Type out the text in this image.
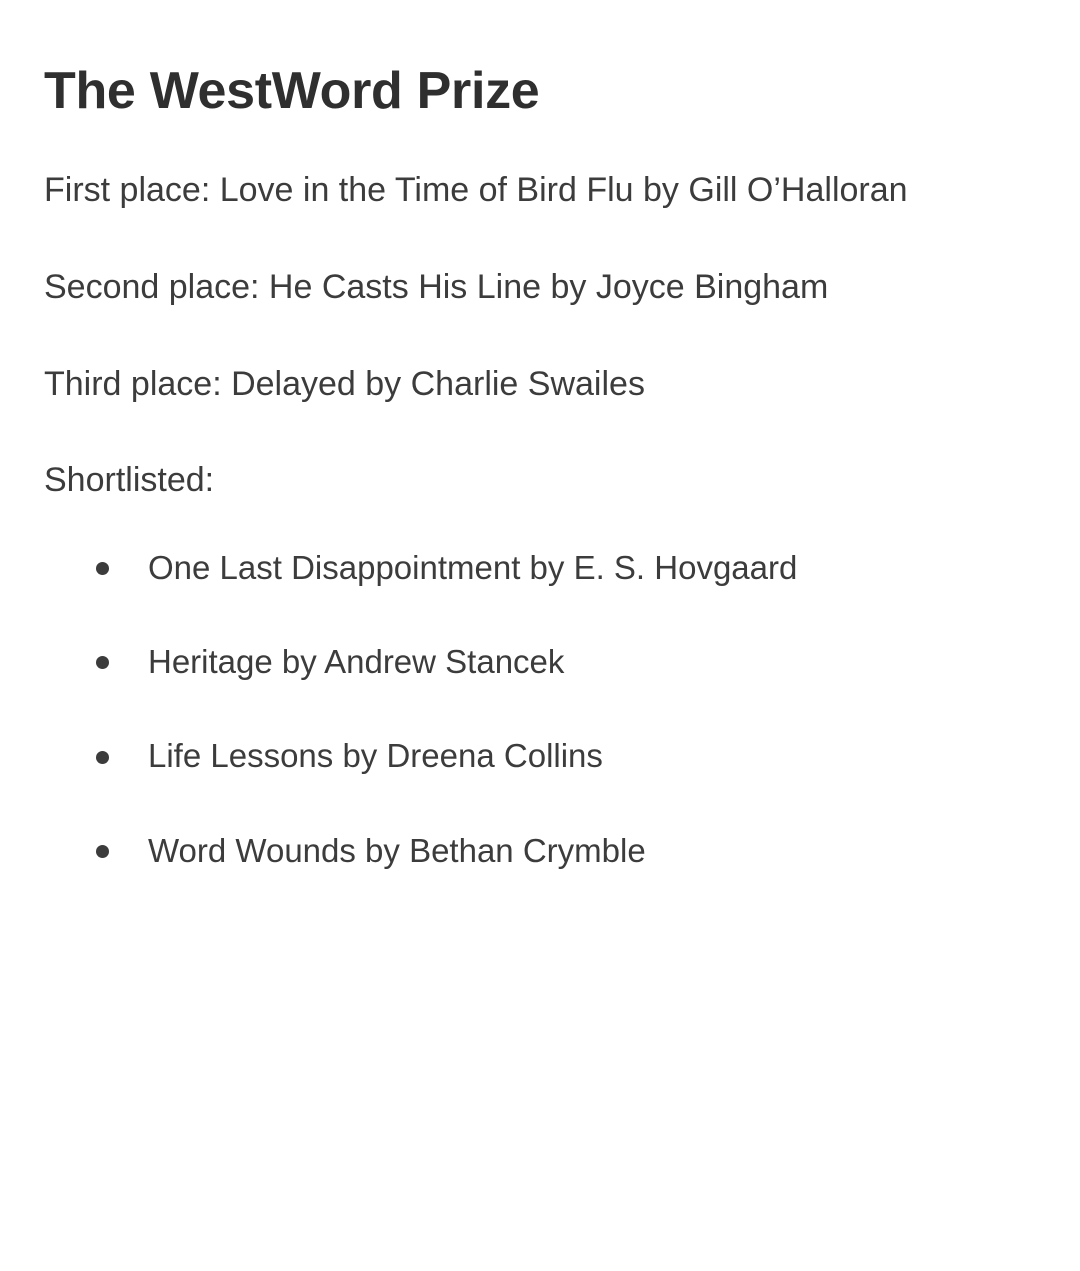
The WestWord Prize

First place: Love in the Time of Bird Flu by Gill O’Halloran

Second place: He Casts His Line by Joyce Bingham

Third place: Delayed by Charlie Swailes

Shortlisted:

One Last Disappointment by E. S. Hovgaard
Heritage by Andrew Stancek
Life Lessons by Dreena Collins
Word Wounds by Bethan Crymble
